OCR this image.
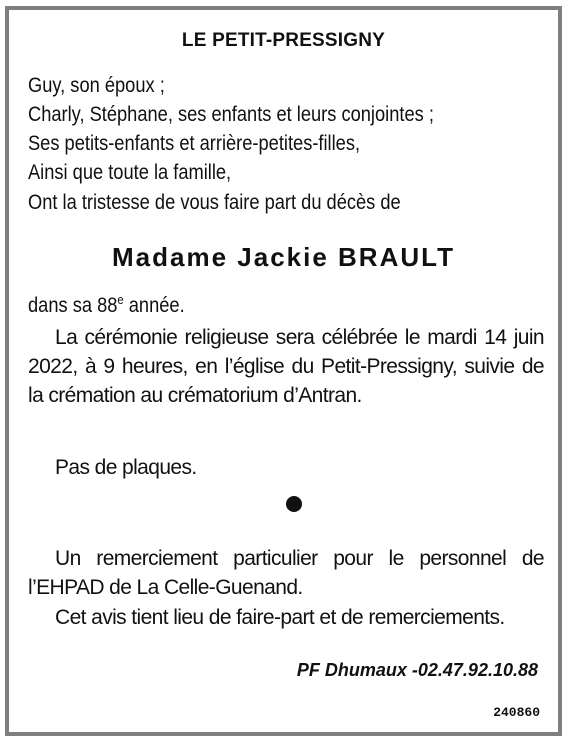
LE PETIT-PRESSIGNY
Guy, son époux ;
Charly, Stéphane, ses enfants et leurs conjointes ;
Ses petits-enfants et arrière-petites-filles,
Ainsi que toute la famille,
Ont la tristesse de vous faire part du décès de
Madame Jackie BRAULT
dans sa 88e année.
La cérémonie religieuse sera célébrée le mardi 14 juin 2022, à 9 heures, en l’église du Petit-Pressigny, suivie de la crémation au crématorium d’Antran.
Pas de plaques.
Un remerciement particulier pour le personnel de l’EHPAD de La Celle-Guenand.
Cet avis tient lieu de faire-part et de remerciements.
PF Dhumaux -02.47.92.10.88
240860
